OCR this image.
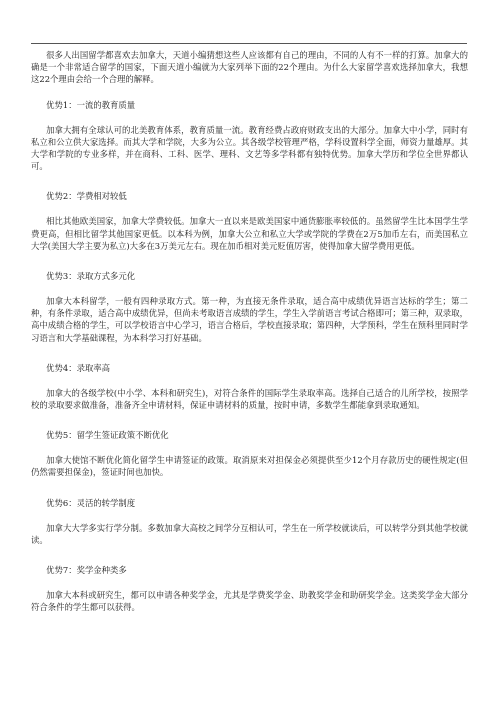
很多人出国留学都喜欢去加拿大，天道小编猜想这些人应该都有自己的理由，不同的人有不一样的打算。加拿大的确是一个非常适合留学的国家，下面天道小编就为大家列举下面的22个理由。为什么大家留学喜欢选择加拿大，我想这22个理由会给一个合理的解释。

优势1：一流的教育质量

加拿大拥有全球认可的北美教育体系，教育质量一流。教育经费占政府财政支出的大部分。加拿大中小学，同时有私立和公立供大家选择。而其大学和学院，大多为公立。其各级学校管理严格，学科设置科学全面，师资力量雄厚。其大学和学院的专业多样，并在商科、工科、医学、理科、文艺等多学科都有独特优势。加拿大学历和学位全世界都认可。

优势2：学费相对较低

相比其他欧美国家，加拿大学费较低。加拿大一直以来是欧美国家中通货膨胀率较低的。虽然留学生比本国学生学费更高，但相比留学其他国家更低。以本科为例，加拿大公立和私立大学或学院的学费在2万5加币左右，而美国私立大学(美国大学主要为私立)大多在3万美元左右。现在加币相对美元贬值厉害，使得加拿大留学费用更低。

优势3：录取方式多元化

加拿大本科留学，一般有四种录取方式。第一种，为直接无条件录取，适合高中成绩优异语言达标的学生；第二种，有条件录取，适合高中成绩优异，但尚未考取语言成绩的学生，学生入学前语言考试合格即可；第三种，双录取，高中成绩合格的学生，可以学校语言中心学习，语言合格后，学校直接录取；第四种，大学预科，学生在预科里同时学习语言和大学基础课程，为本科学习打好基础。

优势4：录取率高

加拿大的各级学校(中小学、本科和研究生)，对符合条件的国际学生录取率高。选择自己适合的儿所学校，按照学校的录取要求做准备，准备齐全申请材料，保证申请材料的质量，按时申请，多数学生都能拿到录取通知。

优势5：留学生签证政策不断优化

加拿大使馆不断优化简化留学生申请签证的政策。取消原来对担保金必须提供至少12个月存款历史的硬性规定(但仍然需要担保金)，签证时间也加快。

优势6：灵活的转学制度

加拿大大学多实行学分制。多数加拿大高校之间学分互相认可，学生在一所学校就读后，可以转学分到其他学校就读。

优势7：奖学金种类多

加拿大本科或研究生，都可以申请各种奖学金，尤其是学费奖学金、助教奖学金和助研奖学金。这类奖学金大部分符合条件的学生都可以获得。
